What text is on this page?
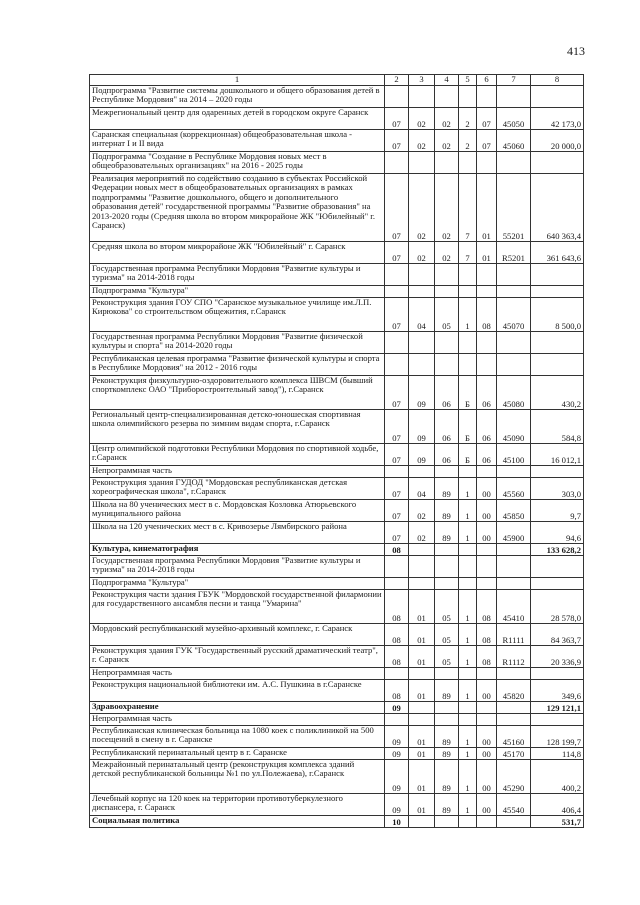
413
1	2	3	4	5	6	7	8
Подпрограмма "Развитие системы дошкольного и общего образования детей в Республике Мордовия" на 2014 – 2020 годы							
Межрегиональный центр для одаренных детей в городском округе Саранск	07	02	02	2	07	45050	42 173,0
Саранская специальная (коррекционная) общеобразовательная школа - интернат I и II вида	07	02	02	2	07	45060	20 000,0
Подпрограмма "Создание в Республике Мордовия новых мест в общеобразовательных организациях" на 2016 - 2025 годы							
Реализация мероприятий по содействию созданию в субъектах Российской Федерации новых мест в общеобразовательных организациях в рамках подпрограммы "Развитие дошкольного, общего и дополнительного образования детей" государственной программы "Развитие образования" на 2013-2020 годы (Средняя школа во втором микрорайоне ЖК "Юбилейный" г. Саранск)	07	02	02	7	01	55201	640 363,4
Средняя школа во втором микрорайоне ЖК "Юбилейный" г. Саранск	07	02	02	7	01	R5201	361 643,6
Государственная программа Республики Мордовия "Развитие культуры и туризма" на 2014-2018 годы							
Подпрограмма "Культура"							
Реконструкция здания ГОУ СПО "Саранское музыкальное училище им.Л.П. Кирюкова" со строительством общежития, г.Саранск	07	04	05	1	08	45070	8 500,0
Государственная программа Республики Мордовия "Развитие физической культуры и спорта" на 2014-2020 годы							
Республиканская целевая программа "Развитие физической культуры и спорта в Республике Мордовия" на 2012 - 2016 годы							
Реконструкция физкультурно-оздоровительного комплекса ШВСМ (бывший спорткомплекс ОАО "Приборостроительный завод"), г.Саранск	07	09	06	Б	06	45080	430,2
Региональный центр-специализированная детско-юношеская спортивная школа олимпийского резерва по зимним видам спорта, г.Саранск	07	09	06	Б	06	45090	584,8
Центр олимпийской подготовки Республики Мордовия по спортивной ходьбе, г.Саранск	07	09	06	Б	06	45100	16 012,1
Непрограммная часть							
Реконструкция здания ГУДОД "Мордовская республиканская детская хореографическая школа", г.Саранск	07	04	89	1	00	45560	303,0
Школа на 80 ученических мест в с. Мордовская Козловка Атюрьевского муниципального района	07	02	89	1	00	45850	9,7
Школа на 120 ученических мест в с. Кривозерье Лямбирского района	07	02	89	1	00	45900	94,6
Культура, кинематография	08						133 628,2
Государственная программа Республики Мордовия "Развитие культуры и туризма" на 2014-2018 годы							
Подпрограмма "Культура"							
Реконструкция части здания ГБУК "Мордовской государственной филармонии для государственного ансамбля песни и танца "Умарина"	08	01	05	1	08	45410	28 578,0
Мордовский республиканский музейно-архивный комплекс, г. Саранск	08	01	05	1	08	R1111	84 363,7
Реконструкция здания ГУК "Государственный русский драматический театр", г. Саранск	08	01	05	1	08	R1112	20 336,9
Непрограммная часть							
Реконструкция национальной библиотеки им. А.С. Пушкина в г.Саранске	08	01	89	1	00	45820	349,6
Здравоохранение	09						129 121,1
Непрограммная часть							
Республиканская клиническая больница на 1080 коек с поликлиникой на 500 посещений в смену в г. Саранске	09	01	89	1	00	45160	128 199,7
Республиканский перинатальный центр в г. Саранске	09	01	89	1	00	45170	114,8
Межрайонный перинатальный центр (реконструкция комплекса зданий детской республиканской больницы №1 по ул.Полежаева), г.Саранск	09	01	89	1	00	45290	400,2
Лечебный корпус на 120 коек на территории противотуберкулезного диспансера, г. Саранск	09	01	89	1	00	45540	406,4
Социальная политика	10						531,7
